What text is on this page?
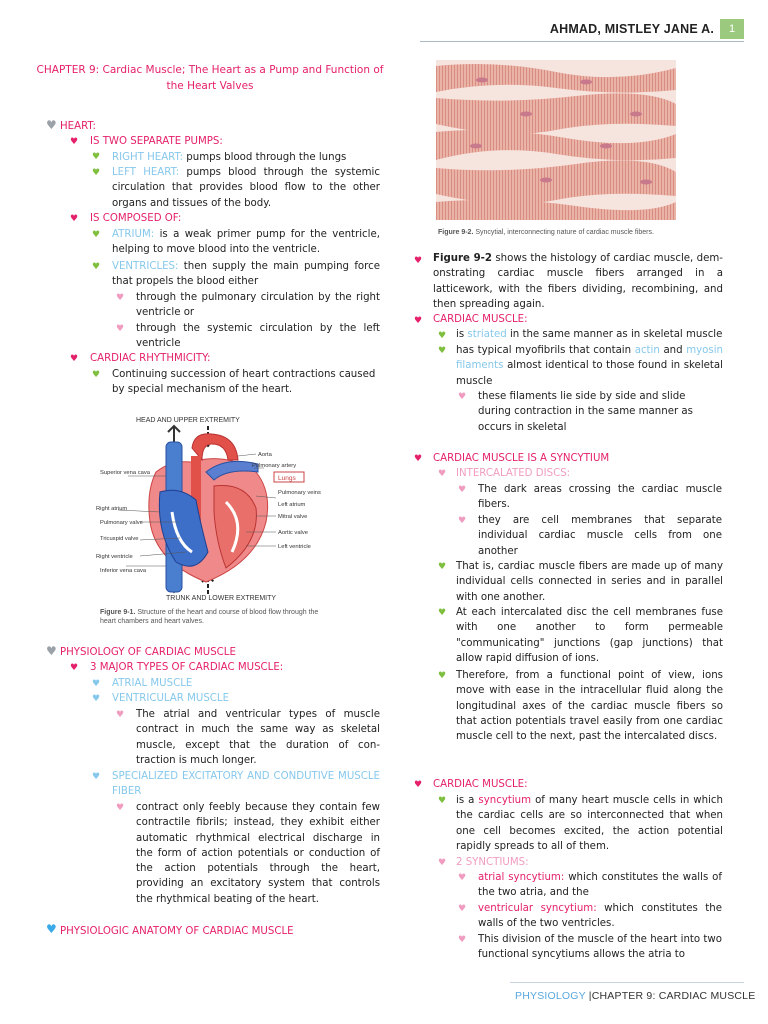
AHMAD, MISTLEY JANE A.	1
CHAPTER 9: Cardiac Muscle; The Heart as a Pump and Function of the Heart Valves
♥ HEART:
♥ IS TWO SEPARATE PUMPS:
♥ RIGHT HEART: pumps blood through the lungs
♥ LEFT HEART: pumps blood through the systemic circulation that provides blood flow to the other organs and tissues of the body.
♥ IS COMPOSED OF:
♥ ATRIUM: is a weak primer pump for the ventricle, helping to move blood into the ventricle.
♥ VENTRICLES: then supply the main pumping force that propels the blood either
♥ through the pulmonary circulation by the right ventricle or
♥ through the systemic circulation by the left ventricle
♥ CARDIAC RHYTHMICITY:
♥ Continuing succession of heart contractions caused by special mechanism of the heart.
HEAD AND UPPER EXTREMITY
TRUNK AND LOWER EXTREMITY
Lungs
Aorta
Pulmonary artery
Superior vena cava
Pulmonary veins
Left atrium
Right atrium
Pulmonary valve
Mitral valve
Tricuspid valve
Aortic valve
Right ventricle
Left ventricle
Inferior vena cava
Figure 9-1. Structure of the heart and course of blood flow through the heart chambers and heart valves.
♥ PHYSIOLOGY OF CARDIAC MUSCLE
♥ 3 MAJOR TYPES OF CARDIAC MUSCLE:
♥ ATRIAL MUSCLE
♥ VENTRICULAR MUSCLE
♥ The atrial and ventricular types of muscle contract in much the same way as skeletal muscle, except that the duration of con-traction is much longer.
♥ SPECIALIZED EXCITATORY AND CONDUTIVE MUSCLE FIBER
♥ contract only feebly because they contain few contractile fibrils; instead, they exhibit either automatic rhythmical electrical discharge in the form of action potentials or conduction of the action potentials through the heart, providing an excitatory system that controls the rhythmical beating of the heart.
♥ PHYSIOLOGIC ANATOMY OF CARDIAC MUSCLE
Figure 9-2. Syncytial, interconnecting nature of cardiac muscle fibers.
♥ Figure 9-2 shows the histology of cardiac muscle, dem-onstrating cardiac muscle fibers arranged in a latticework, with the fibers dividing, recombining, and then spreading again.
♥ CARDIAC MUSCLE:
♥ is striated in the same manner as in skeletal muscle
♥ has typical myofibrils that contain actin and myosin filaments almost identical to those found in skeletal muscle
♥ these filaments lie side by side and slide during contraction in the same manner as occurs in skeletal
♥ CARDIAC MUSCLE IS A SYNCYTIUM
♥ INTERCALATED DISCS:
♥ The dark areas crossing the cardiac muscle fibers.
♥ they are cell membranes that separate individual cardiac muscle cells from one another
♥ That is, cardiac muscle fibers are made up of many individual cells connected in series and in parallel with one another.
♥ At each intercalated disc the cell membranes fuse with one another to form permeable "communicating" junctions (gap junctions) that allow rapid diffusion of ions.
♥ Therefore, from a functional point of view, ions move with ease in the intracellular fluid along the longitudinal axes of the cardiac muscle fibers so that action potentials travel easily from one cardiac muscle cell to the next, past the intercalated discs.
♥ CARDIAC MUSCLE:
♥ is a syncytium of many heart muscle cells in which the cardiac cells are so interconnected that when one cell becomes excited, the action potential rapidly spreads to all of them.
♥ 2 SYNCTIUMS:
♥ atrial syncytium: which constitutes the walls of the two atria, and the
♥ ventricular syncytium: which constitutes the walls of the two ventricles.
♥ This division of the muscle of the heart into two functional syncytiums allows the atria to
PHYSIOLOGY |CHAPTER 9: CARDIAC MUSCLE
